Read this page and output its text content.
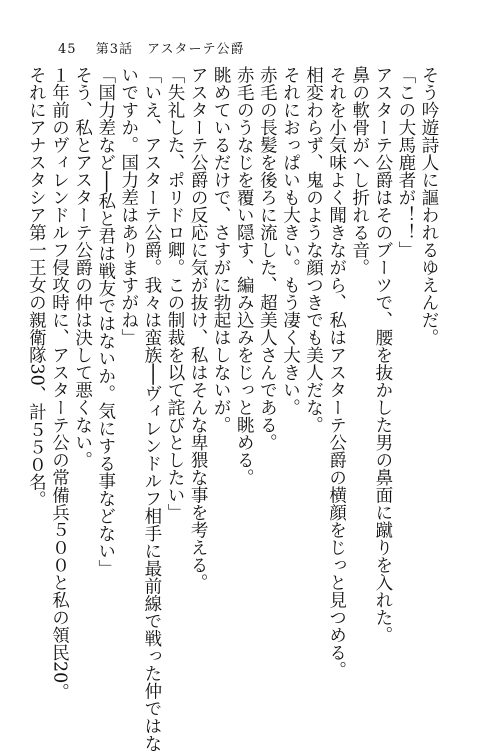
45 第3話　アスターテ公爵
そう吟遊詩人に謳われるゆえんだ。
「この大馬鹿者が！！」
アスターテ公爵はそのブーツで、腰を抜かした男の鼻面に蹴りを入れた。
鼻の軟骨がへし折れる音。
それを小気味よく聞きながら、私はアスターテ公爵の横顔をじっと見つめる。
相変わらず、鬼のような顔つきでも美人だな。
それにおっぱいも大きい。もう凄く大きい。
赤毛の長髪を後ろに流した、超美人さんである。
赤毛のうなじを覆い隠す、編み込みをじっと眺める。
眺めているだけで、さすがに勃起はしないが。
アスターテ公爵の反応に気が抜け、私はそんな卑猥な事を考える。
「失礼した、ポリドロ卿。この制裁を以て詫びとしたい」
「いえ、アスターテ公爵。我々は蛮族──ヴィレンドルフ相手に最前線で戦った仲ではな
いですか。国力差はありますがね」
「国力差など──私と君は戦友ではないか。気にする事などない」
そう、私とアスターテ公爵の仲は決して悪くない。
１年前のヴィレンドルフ侵攻時に、アスターテ公の常備兵５００と私の領民20。
それにアナスタシア第一王女の親衛隊30、計５５０名。
